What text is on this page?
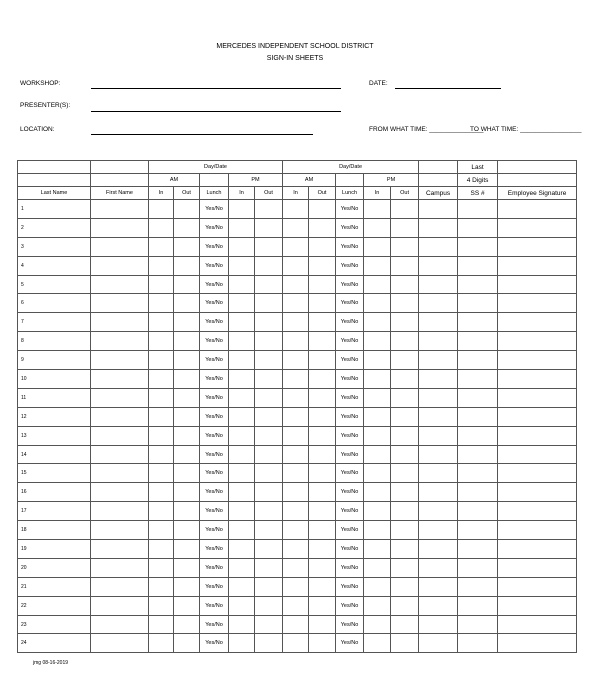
MERCEDES INDEPENDENT SCHOOL DISTRICT
SIGN-IN SHEETS
WORKSHOP:	DATE:
PRESENTER(S):
LOCATION:	FROM WHAT TIME: _______________
TO WHAT TIME: _________________
		Day/Date					Day/Date						Last	
		AM			PM		AM			PM			4 Digits	
Last Name	First Name	In	Out	Lunch	In	Out	In	Out	Lunch	In	Out	Campus	SS #	Employee Signature
1				Yes/No					Yes/No					
2				Yes/No					Yes/No					
3				Yes/No					Yes/No					
4				Yes/No					Yes/No					
5				Yes/No					Yes/No					
6				Yes/No					Yes/No					
7				Yes/No					Yes/No					
8				Yes/No					Yes/No					
9				Yes/No					Yes/No					
10				Yes/No					Yes/No					
11				Yes/No					Yes/No					
12				Yes/No					Yes/No					
13				Yes/No					Yes/No					
14				Yes/No					Yes/No					
15				Yes/No					Yes/No					
16				Yes/No					Yes/No					
17				Yes/No					Yes/No					
18				Yes/No					Yes/No					
19				Yes/No					Yes/No					
20				Yes/No					Yes/No					
21				Yes/No					Yes/No					
22				Yes/No					Yes/No					
23				Yes/No					Yes/No					
24				Yes/No					Yes/No					
jmg 08-16-2019
